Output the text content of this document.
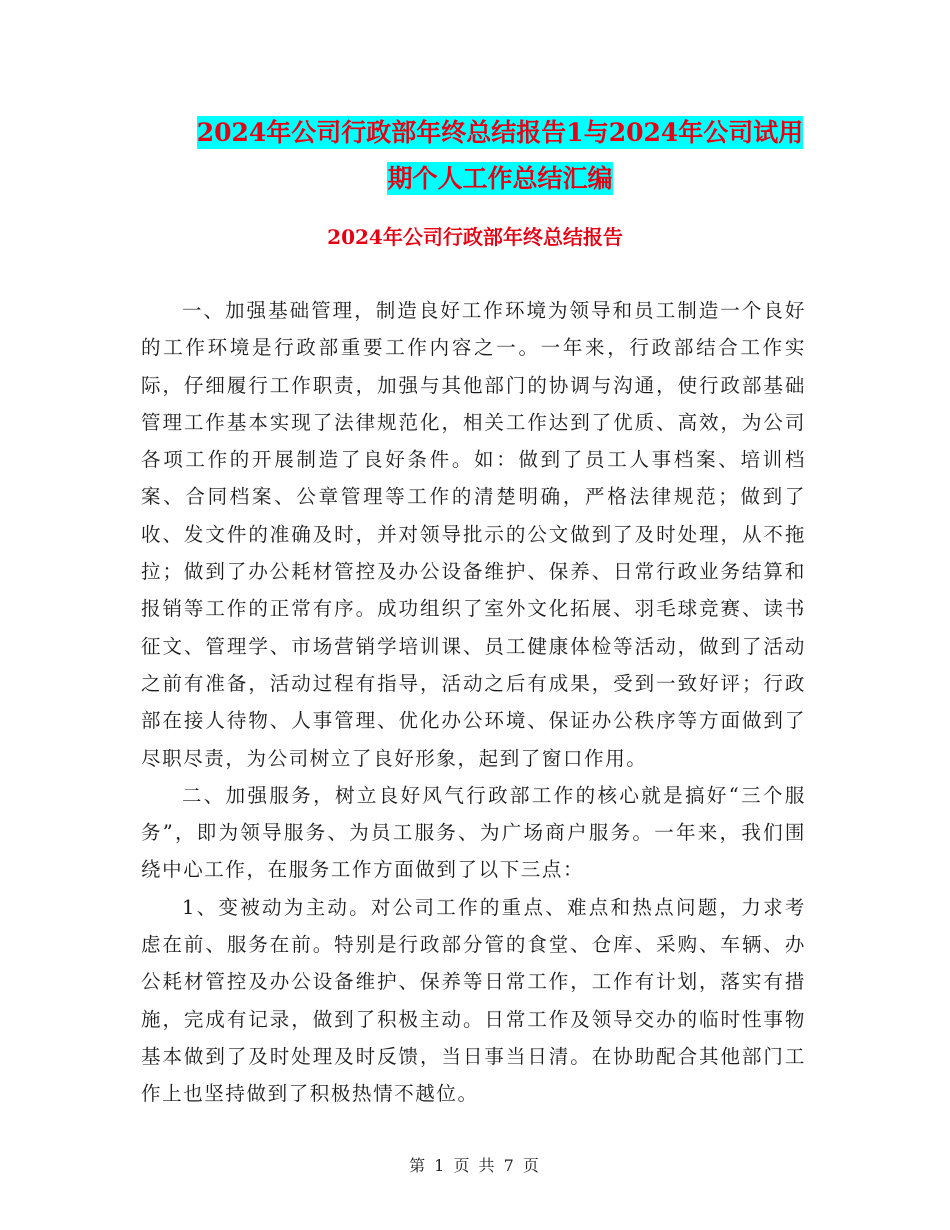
2024年公司行政部年终总结报告1与2024年公司试用
期个人工作总结汇编
2024年公司行政部年终总结报告

一、加强基础管理，制造良好工作环境为领导和员工制造一个良好的工作环境是行政部重要工作内容之一。一年来，行政部结合工作实际，仔细履行工作职责，加强与其他部门的协调与沟通，使行政部基础管理工作基本实现了法律规范化，相关工作达到了优质、高效，为公司各项工作的开展制造了良好条件。如：做到了员工人事档案、培训档案、合同档案、公章管理等工作的清楚明确，严格法律规范；做到了收、发文件的准确及时，并对领导批示的公文做到了及时处理，从不拖拉；做到了办公耗材管控及办公设备维护、保养、日常行政业务结算和报销等工作的正常有序。成功组织了室外文化拓展、羽毛球竞赛、读书征文、管理学、市场营销学培训课、员工健康体检等活动，做到了活动之前有准备，活动过程有指导，活动之后有成果，受到一致好评；行政部在接人待物、人事管理、优化办公环境、保证办公秩序等方面做到了尽职尽责，为公司树立了良好形象，起到了窗口作用。

二、加强服务，树立良好风气行政部工作的核心就是搞好“三个服务”，即为领导服务、为员工服务、为广场商户服务。一年来，我们围绕中心工作，在服务工作方面做到了以下三点：

1、变被动为主动。对公司工作的重点、难点和热点问题，力求考虑在前、服务在前。特别是行政部分管的食堂、仓库、采购、车辆、办公耗材管控及办公设备维护、保养等日常工作，工作有计划，落实有措施，完成有记录，做到了积极主动。日常工作及领导交办的临时性事物基本做到了及时处理及时反馈，当日事当日清。在协助配合其他部门工作上也坚持做到了积极热情不越位。

第 1 页 共 7 页
